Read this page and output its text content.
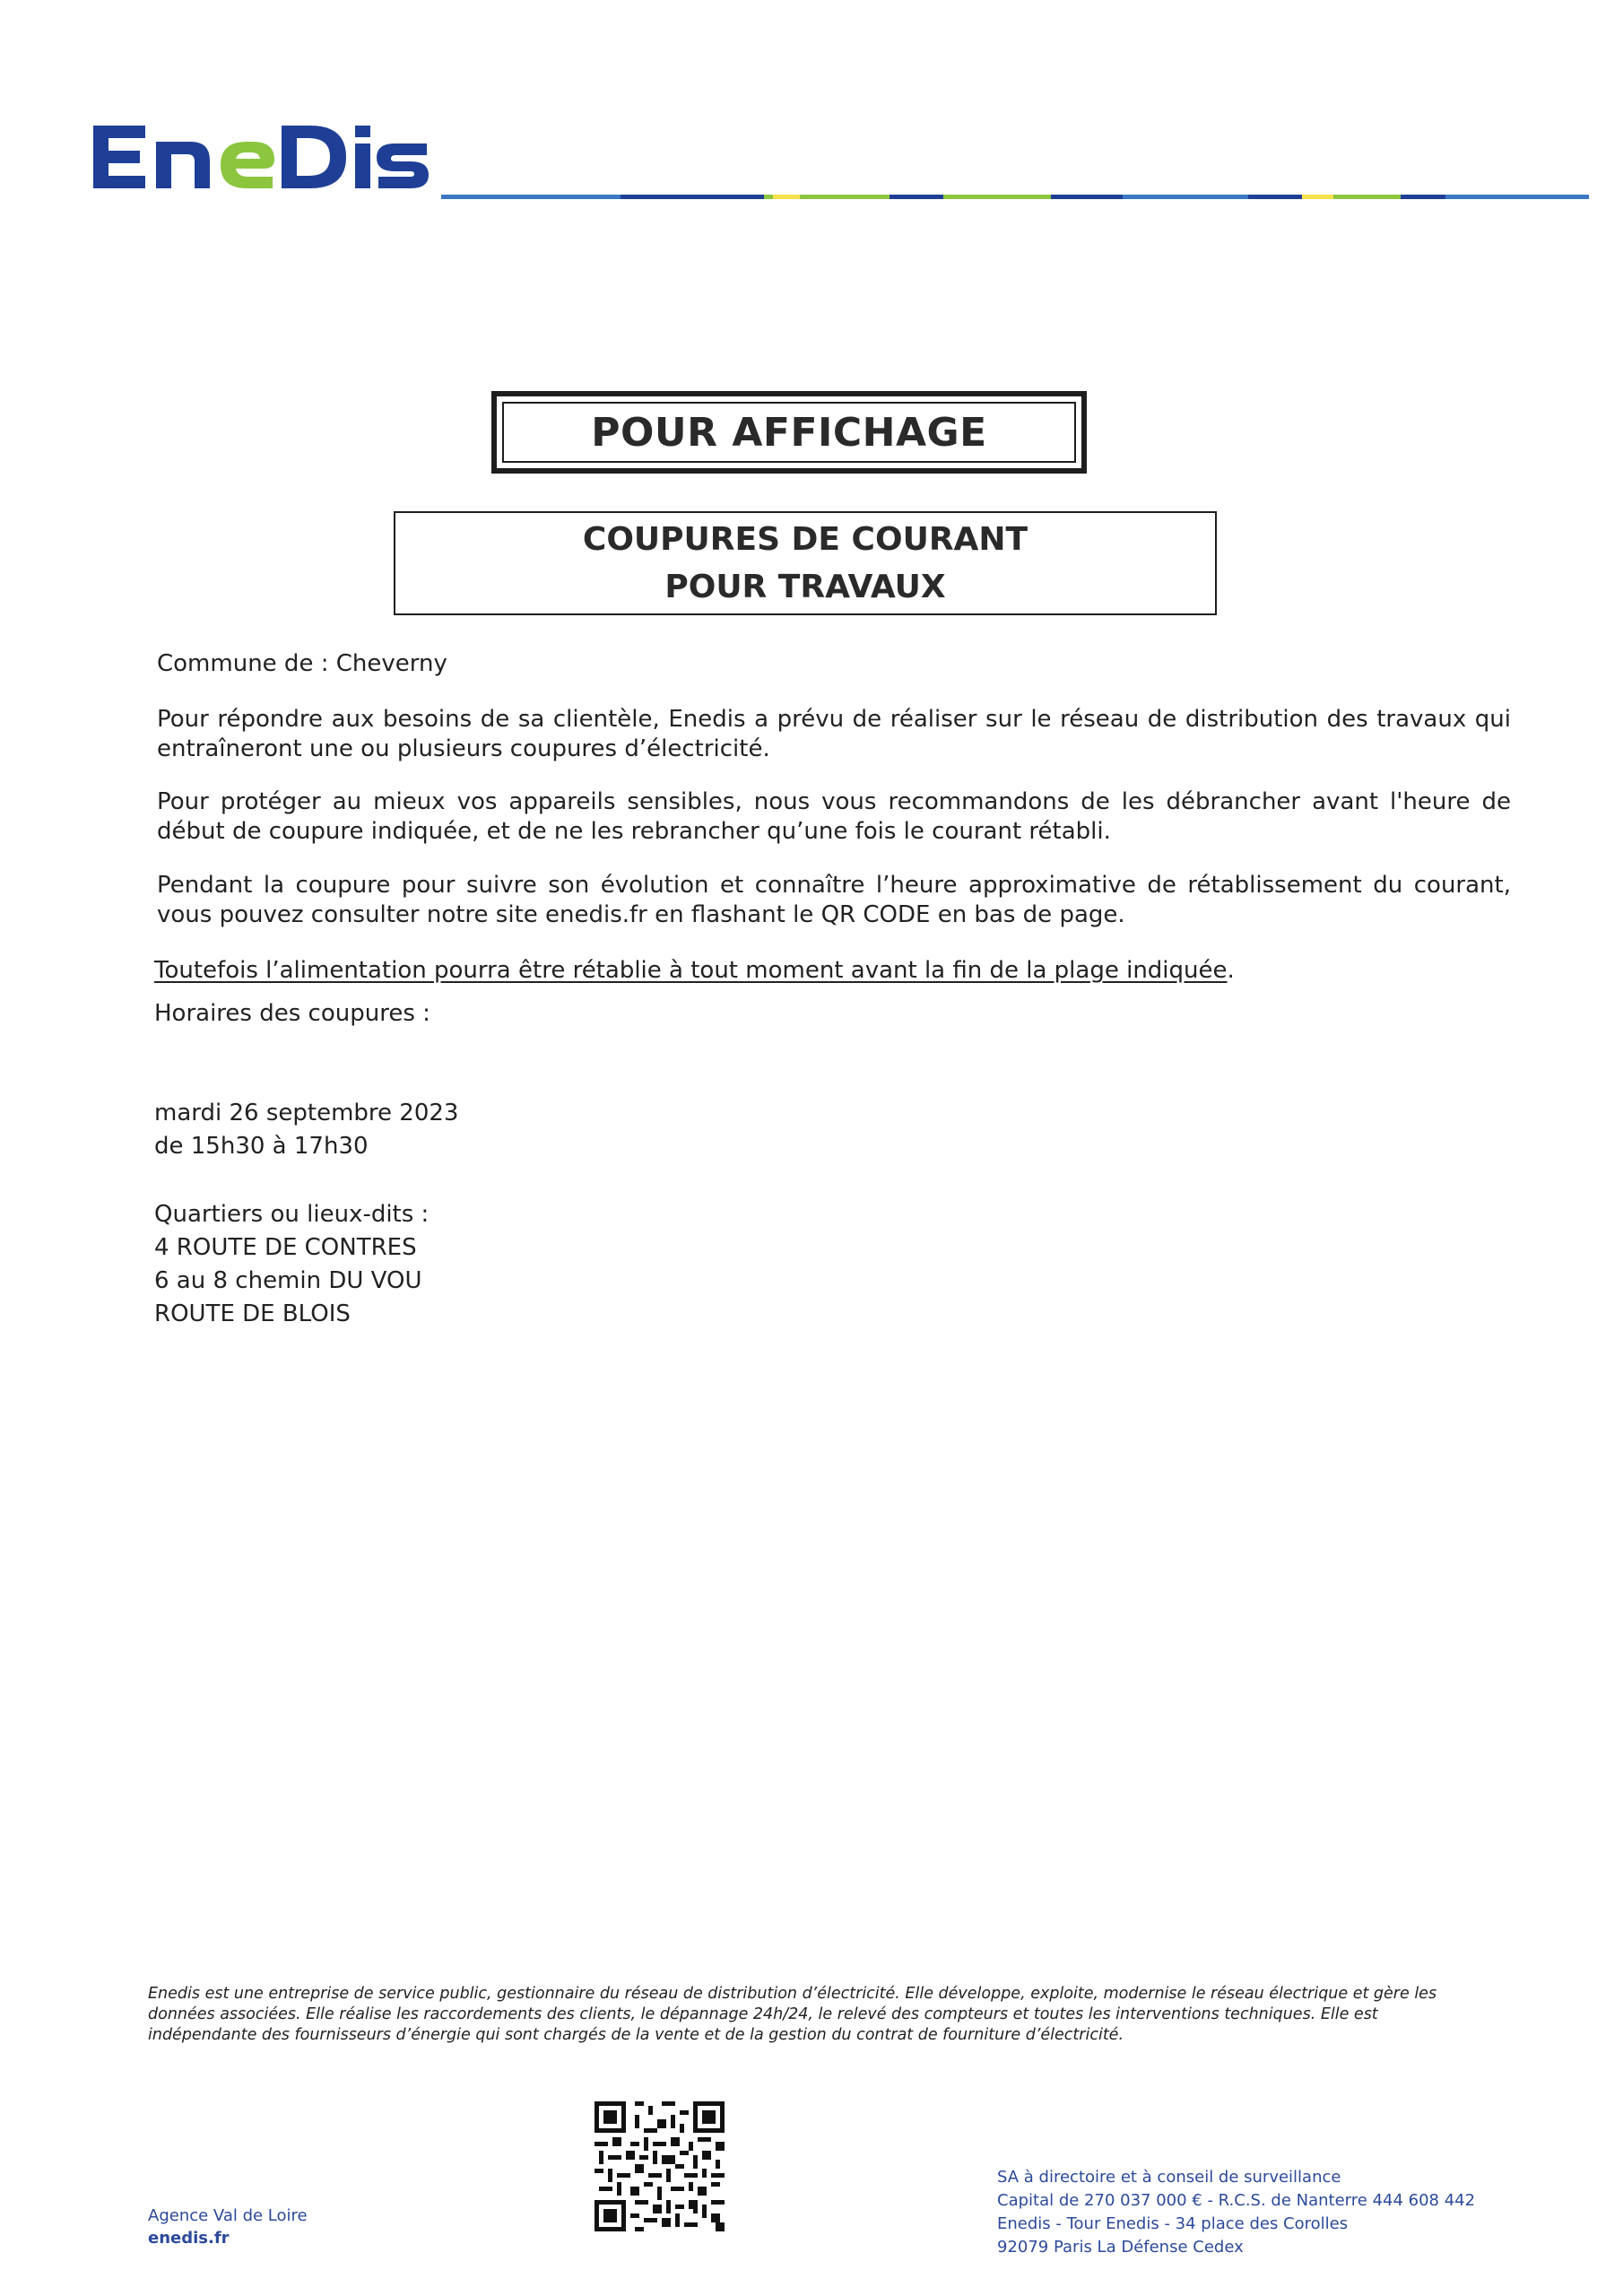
POUR AFFICHAGE
COUPURES DE COURANT
POUR TRAVAUX
Commune de : Cheverny
Pour répondre aux besoins de sa clientèle, Enedis a prévu de réaliser sur le réseau de distribution des travaux qui entraîneront une ou plusieurs coupures d’électricité.
Pour protéger au mieux vos appareils sensibles, nous vous recommandons de les débrancher avant l'heure de début de coupure indiquée, et de ne les rebrancher qu’une fois le courant rétabli.
Pendant la coupure pour suivre son évolution et connaître l’heure approximative de rétablissement du courant, vous pouvez consulter notre site enedis.fr en flashant le QR CODE en bas de page.
Toutefois l’alimentation pourra être rétablie à tout moment avant la fin de la plage indiquée.
Horaires des coupures :
mardi 26 septembre 2023
de 15h30 à 17h30
Quartiers ou lieux-dits :
4 ROUTE DE CONTRES
6 au 8 chemin DU VOU
ROUTE DE BLOIS
Enedis est une entreprise de service public, gestionnaire du réseau de distribution d’électricité. Elle développe, exploite, modernise le réseau électrique et gère les données associées. Elle réalise les raccordements des clients, le dépannage 24h/24, le relevé des compteurs et toutes les interventions techniques. Elle est indépendante des fournisseurs d’énergie qui sont chargés de la vente et de la gestion du contrat de fourniture d’électricité.
Agence Val de Loire
enedis.fr
SA à directoire et à conseil de surveillance
Capital de 270 037 000 € - R.C.S. de Nanterre 444 608 442
Enedis - Tour Enedis - 34 place des Corolles
92079 Paris La Défense Cedex
